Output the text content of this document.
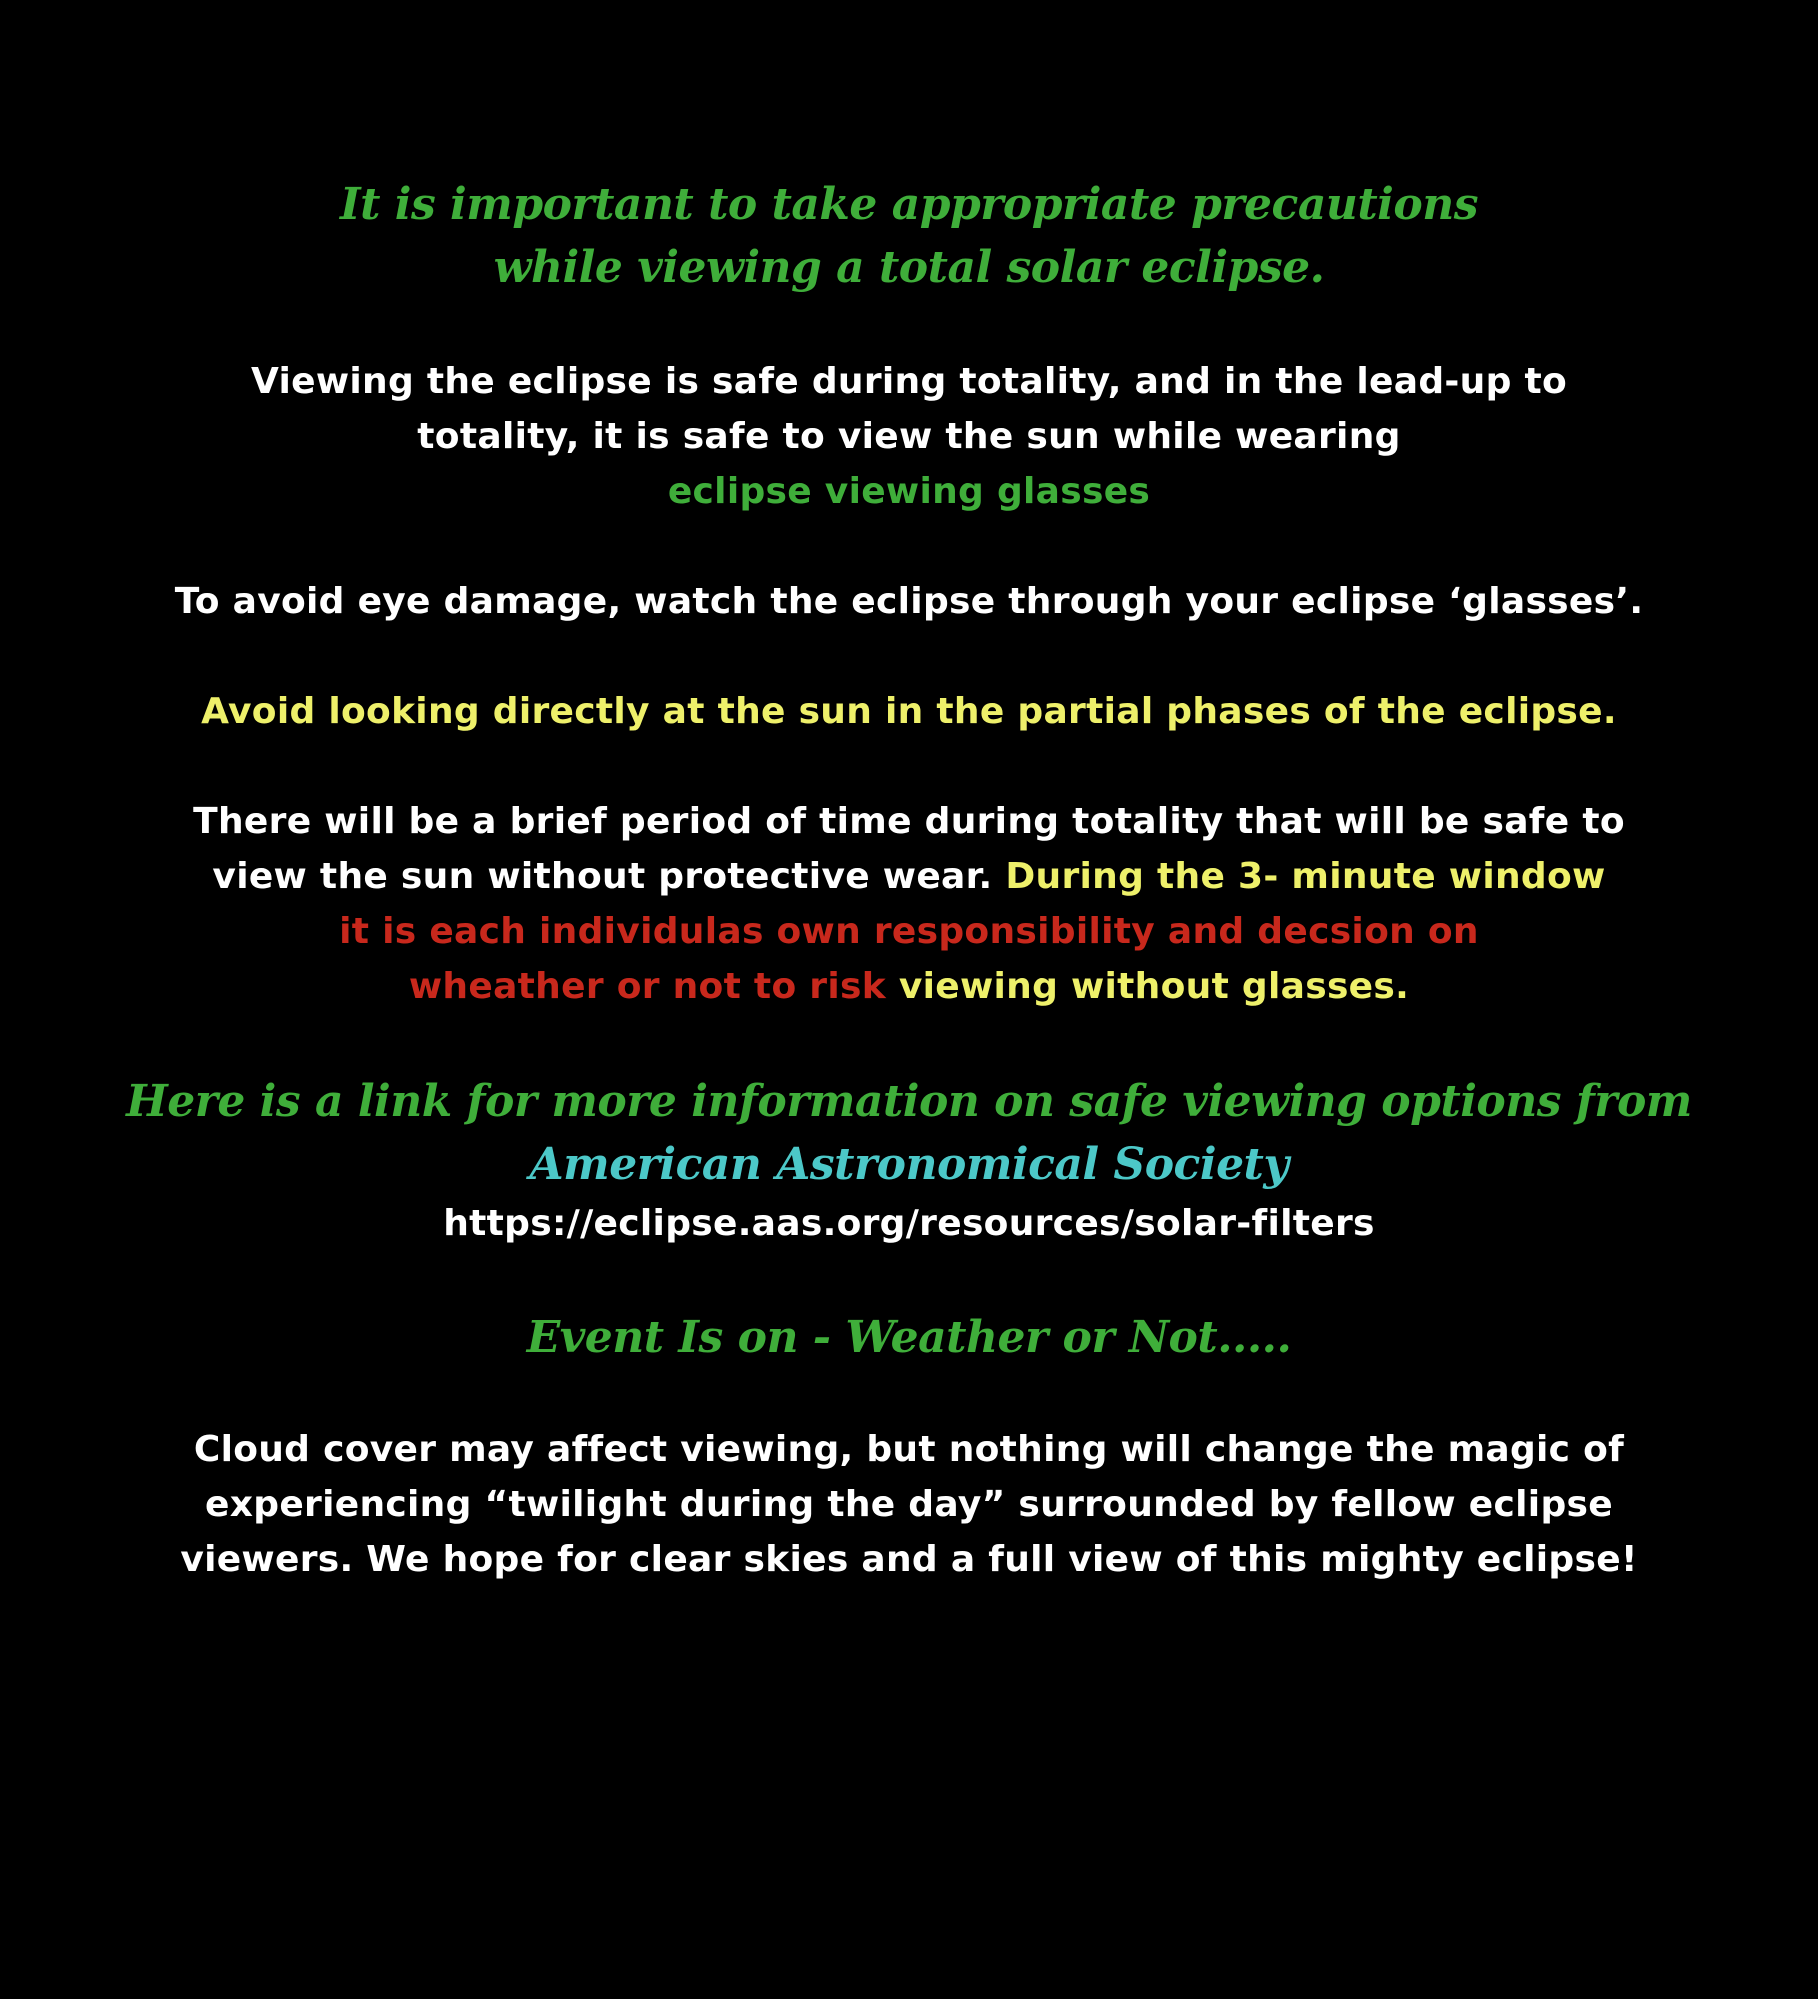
It is important to take appropriate precautions
while viewing a total solar eclipse.
Viewing the eclipse is safe during totality, and in the lead-up to
totality, it is safe to view the sun while wearing
eclipse viewing glasses
To avoid eye damage, watch the eclipse through your eclipse ‘glasses’.
Avoid looking directly at the sun in the partial phases of the eclipse.
There will be a brief period of time during totality that will be safe to
view the sun without protective wear. During the 3- minute window
it is each individulas own responsibility and decsion on
wheather or not to risk viewing without glasses.
Here is a link for more information on safe viewing options from
American Astronomical Society
https://eclipse.aas.org/resources/solar-filters
Event Is on - Weather or Not.....
Cloud cover may affect viewing, but nothing will change the magic of
experiencing “twilight during the day” surrounded by fellow eclipse
viewers. We hope for clear skies and a full view of this mighty eclipse!
